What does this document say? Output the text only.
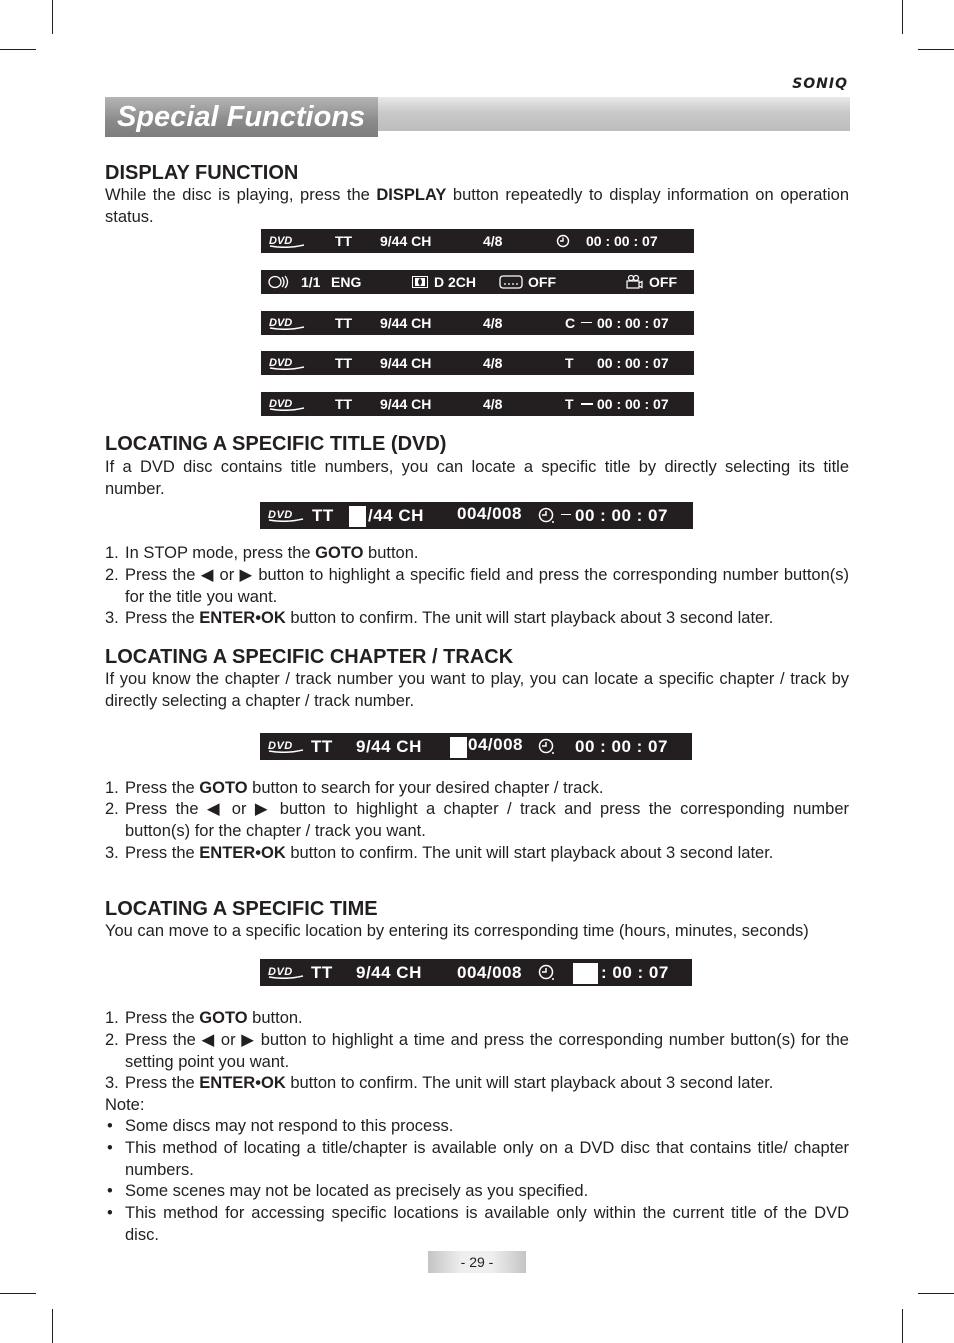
SONIQ
Special Functions
DISPLAY FUNCTION
While the disc is playing, press the DISPLAY button repeatedly to display information on operation status.
DVD	TT 9/44 CH	4/8	00 : 00 : 07
1/1 ENG	D 2CH	OFF	OFF
DVD	TT 9/44 CH	4/8	C 00 : 00 : 07
DVD	TT 9/44 CH	4/8	T 00 : 00 : 07
DVD	TT 9/44 CH	4/8	T 00 : 00 : 07
LOCATING A SPECIFIC TITLE (DVD)
If a DVD disc contains title numbers, you can locate a specific title by directly selecting its title number.
DVD TT /44 CH 004/008	00 : 00 : 07
1. In STOP mode, press the GOTO button.
2. Press the ◀ or ▶ button to highlight a specific field and press the corresponding number button(s) for the title you want.
3. Press the ENTER•OK button to confirm. The unit will start playback about 3 second later.
LOCATING A SPECIFIC CHAPTER / TRACK
If you know the chapter / track number you want to play, you can locate a specific chapter / track by directly selecting a chapter / track number.
DVD TT 9/44 CH	04/008	00 : 00 : 07
1. Press the GOTO button to search for your desired chapter / track.
2. Press the ◀ or ▶ button to highlight a chapter / track and press the corresponding number button(s) for the chapter / track you want.
3. Press the ENTER•OK button to confirm. The unit will start playback about 3 second later.
LOCATING A SPECIFIC TIME
You can move to a specific location by entering its corresponding time (hours, minutes, seconds)
DVD TT 9/44 CH 004/008	: 00 : 07
1. Press the GOTO button.
2. Press the ◀ or ▶ button to highlight a time and press the corresponding number button(s) for the setting point you want.
3. Press the ENTER•OK button to confirm. The unit will start playback about 3 second later.
Note:
• Some discs may not respond to this process.
• This method of locating a title/chapter is available only on a DVD disc that contains title/ chapter numbers.
• Some scenes may not be located as precisely as you specified.
• This method for accessing specific locations is available only within the current title of the DVD disc.
- 29 -
